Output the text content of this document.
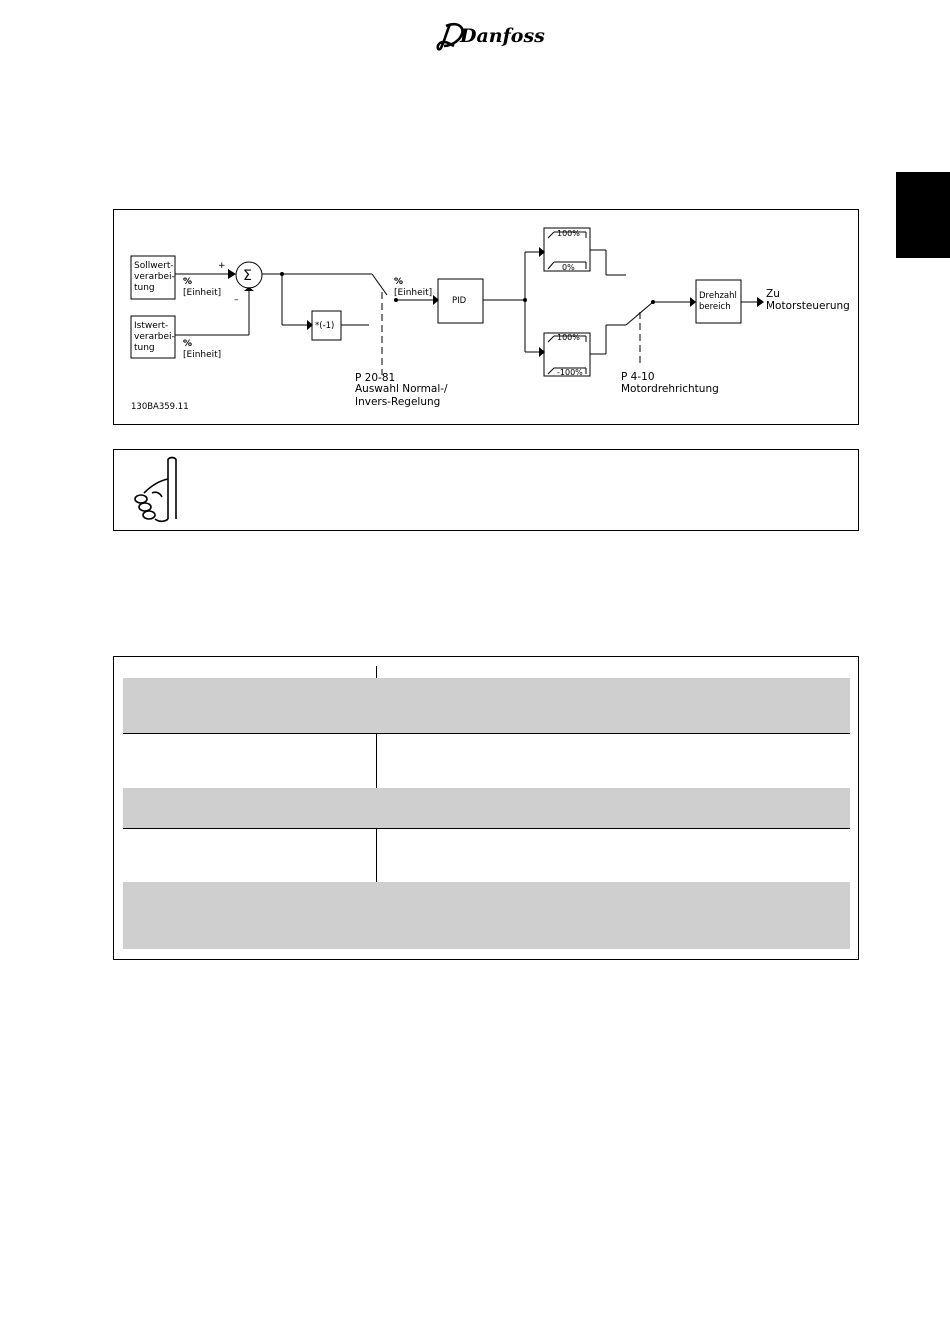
Danfoss
Sollwert-
verarbei-
tung
Istwert-
verarbei-
tung
%
[Einheit]
%
[Einheit]
+
–
Σ
*(-1)
%
[Einheit]
PID
100%
0%
100%
-100%
Drehzahl
bereich
130BA359.11
Zu
Motorsteuerung
P 20-81
Auswahl Normal-/
Invers-Regelung
P 4-10
Motordrehrichtung
